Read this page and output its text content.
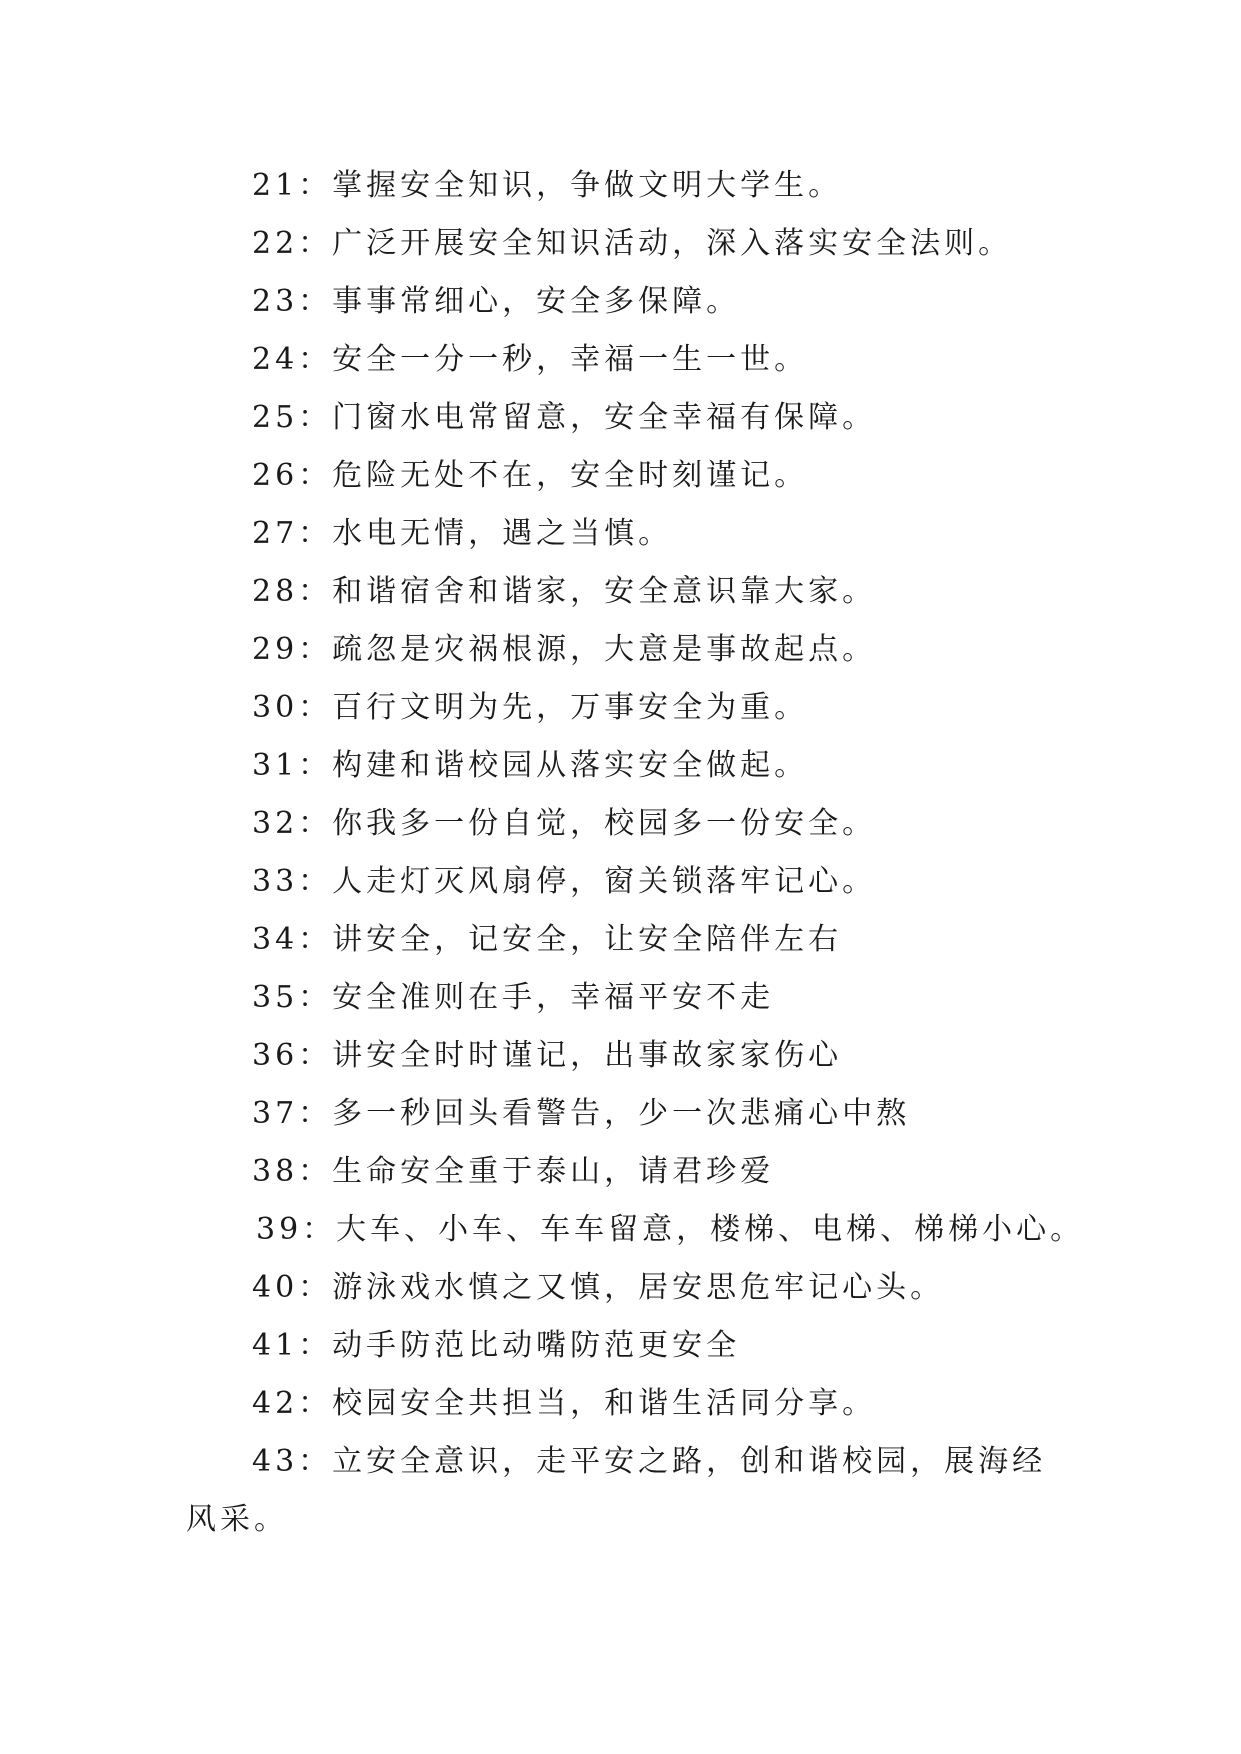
21：掌握安全知识，争做文明大学生。
22：广泛开展安全知识活动，深入落实安全法则。
23：事事常细心，安全多保障。
24：安全一分一秒，幸福一生一世。
25：门窗水电常留意，安全幸福有保障。
26：危险无处不在，安全时刻谨记。
27：水电无情，遇之当慎。
28：和谐宿舍和谐家，安全意识靠大家。
29：疏忽是灾祸根源，大意是事故起点。
30：百行文明为先，万事安全为重。
31：构建和谐校园从落实安全做起。
32：你我多一份自觉，校园多一份安全。
33：人走灯灭风扇停，窗关锁落牢记心。
34：讲安全，记安全，让安全陪伴左右
35：安全准则在手，幸福平安不走
36：讲安全时时谨记，出事故家家伤心
37：多一秒回头看警告，少一次悲痛心中熬
38：生命安全重于泰山，请君珍爱
39：大车、小车、车车留意，楼梯、电梯、梯梯小心。
40：游泳戏水慎之又慎，居安思危牢记心头。
41：动手防范比动嘴防范更安全
42：校园安全共担当，和谐生活同分享。
43：立安全意识，走平安之路，创和谐校园，展海经风采。
